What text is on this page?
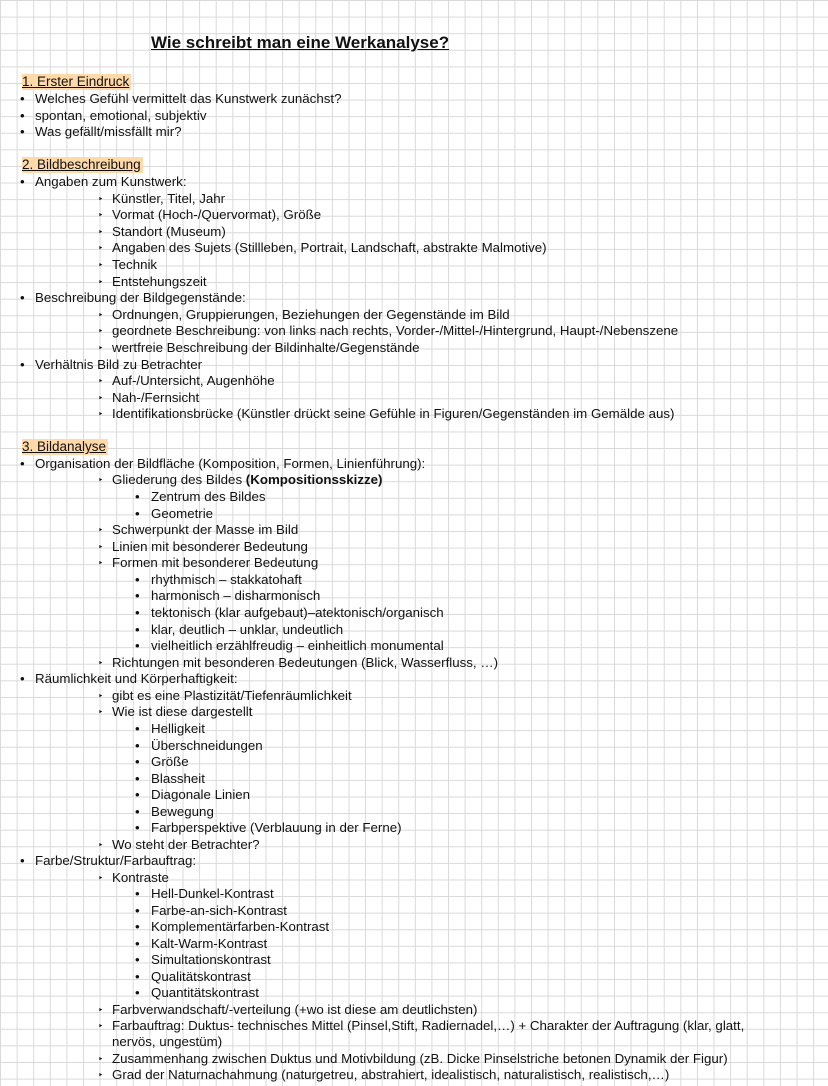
Wie schreibt man eine Werkanalyse?
1. Erster Eindruck
• Welches Gefühl vermittelt das Kunstwerk zunächst?
• spontan, emotional, subjektiv
• Was gefällt/missfällt mir?
2. Bildbeschreibung
• Angaben zum Kunstwerk:
‣ Künstler, Titel, Jahr
‣ Vormat (Hoch-/Quervormat), Größe
‣ Standort (Museum)
‣ Angaben des Sujets (Stillleben, Portrait, Landschaft, abstrakte Malmotive)
‣ Technik
‣ Entstehungszeit
• Beschreibung der Bildgegenstände:
‣ Ordnungen, Gruppierungen, Beziehungen der Gegenstände im Bild
‣ geordnete Beschreibung: von links nach rechts, Vorder-/Mittel-/Hintergrund, Haupt-/Nebenszene
‣ wertfreie Beschreibung der Bildinhalte/Gegenstände
• Verhältnis Bild zu Betrachter
‣ Auf-/Untersicht, Augenhöhe
‣ Nah-/Fernsicht
‣ Identifikationsbrücke (Künstler drückt seine Gefühle in Figuren/Gegenständen im Gemälde aus)
3. Bildanalyse
• Organisation der Bildfläche (Komposition, Formen, Linienführung):
‣ Gliederung des Bildes (Kompositionsskizze)
• Zentrum des Bildes
• Geometrie
‣ Schwerpunkt der Masse im Bild
‣ Linien mit besonderer Bedeutung
‣ Formen mit besonderer Bedeutung
• rhythmisch – stakkatohaft
• harmonisch – disharmonisch
• tektonisch (klar aufgebaut)–atektonisch/organisch
• klar, deutlich – unklar, undeutlich
• vielheitlich erzählfreudig – einheitlich monumental
‣ Richtungen mit besonderen Bedeutungen (Blick, Wasserfluss, …)
• Räumlichkeit und Körperhaftigkeit:
‣ gibt es eine Plastizität/Tiefenräumlichkeit
‣ Wie ist diese dargestellt
• Helligkeit
• Überschneidungen
• Größe
• Blassheit
• Diagonale Linien
• Bewegung
• Farbperspektive (Verblauung in der Ferne)
‣ Wo steht der Betrachter?
• Farbe/Struktur/Farbauftrag:
‣ Kontraste
• Hell-Dunkel-Kontrast
• Farbe-an-sich-Kontrast
• Komplementärfarben-Kontrast
• Kalt-Warm-Kontrast
• Simultationskontrast
• Qualitätskontrast
• Quantitätskontrast
‣ Farbverwandschaft/-verteilung (+wo ist diese am deutlichsten)
‣ Farbauftrag: Duktus- technisches Mittel (Pinsel,Stift, Radiernadel,…) + Charakter der Auftragung (klar, glatt,
nervös, ungestüm)
‣ Zusammenhang zwischen Duktus und Motivbildung (zB. Dicke Pinselstriche betonen Dynamik der Figur)
‣ Grad der Naturnachahmung (naturgetreu, abstrahiert, idealistisch, naturalistisch, realistisch,…)
